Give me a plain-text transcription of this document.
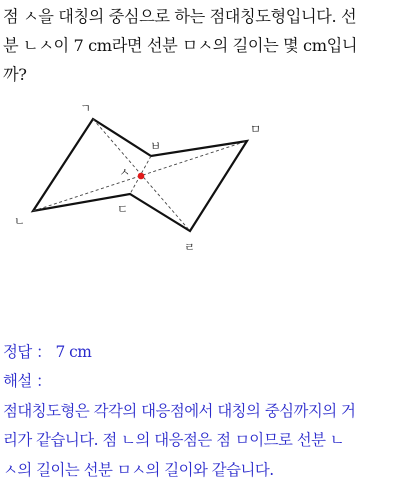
점 ㅅ을 대칭의 중심으로 하는 점대칭도형입니다. 선
분 ㄴㅅ이 7 cm라면 선분 ㅁㅅ의 길이는 몇 cm입니
까?
ㄱ
ㅂ
ㅁ
ㅅ
ㄷ
ㄴ
ㄹ
정답 ： 7 cm
해설 ：
점대칭도형은 각각의 대응점에서 대칭의 중심까지의 거
리가 같습니다. 점 ㄴ의 대응점은 점 ㅁ이므로 선분 ㄴ
ㅅ의 길이는 선분 ㅁㅅ의 길이와 같습니다.
